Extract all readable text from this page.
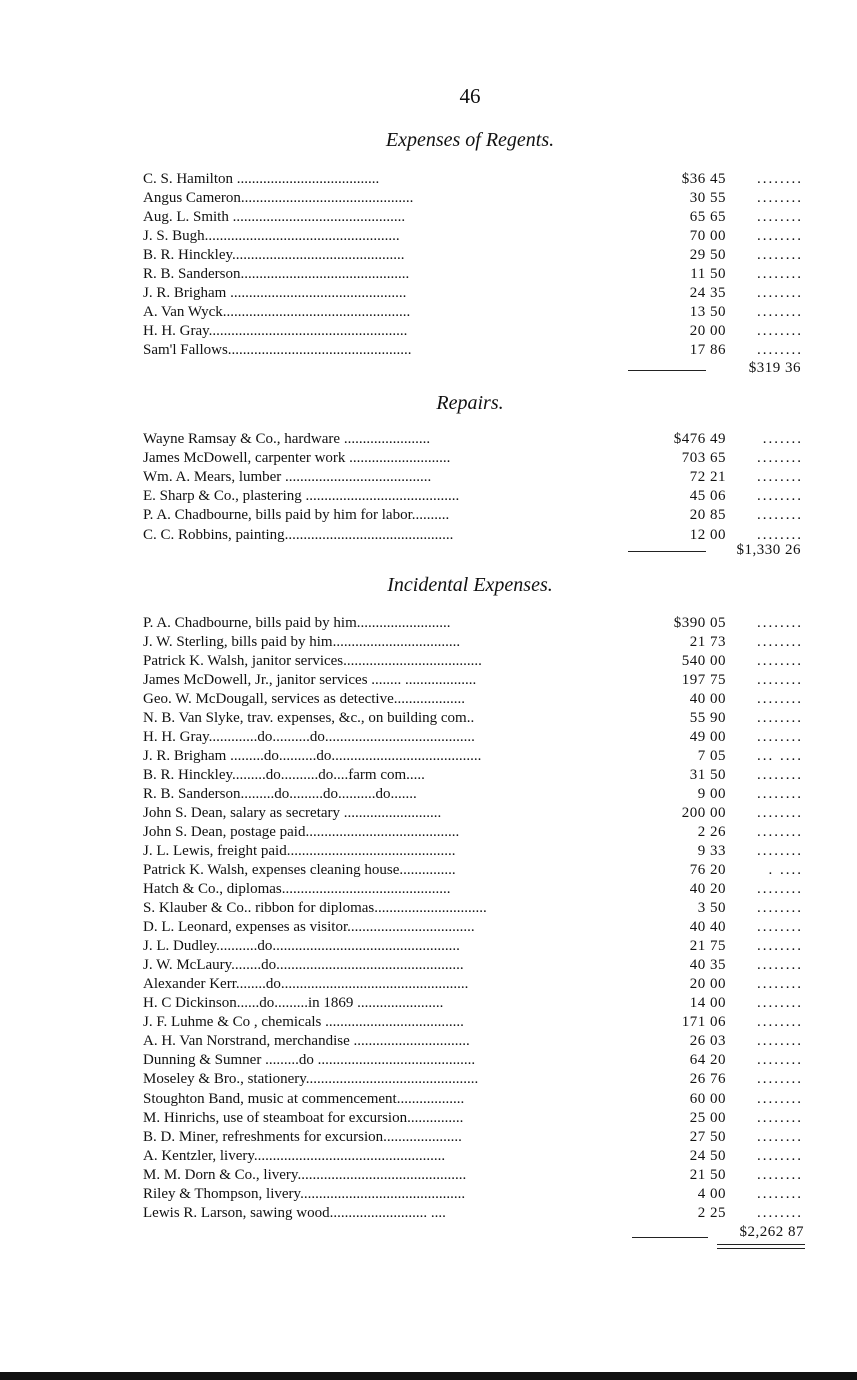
46
Expenses of Regents.
Repairs.
Incidental Expenses.
C. S. Hamilton ......................................	$36 45	........
Angus Cameron..............................................	30 55	........
Aug. L. Smith ..............................................	65 65	........
J. S. Bugh....................................................	70 00	........
B. R. Hinckley..............................................	29 50	........
R. B. Sanderson.............................................	11 50	........
J. R. Brigham ...............................................	24 35	........
A. Van Wyck..................................................	13 50	........
H. H. Gray.....................................................	20 00	........
Sam'l Fallows.................................................	17 86	........
Wayne Ramsay & Co., hardware .......................	$476 49	.......
James McDowell, carpenter work ...........................	703 65	........
Wm. A. Mears, lumber .......................................	72 21	........
E. Sharp & Co., plastering .........................................	45 06	........
P. A. Chadbourne, bills paid by him for labor..........	20 85	........
C. C. Robbins, painting.............................................	12 00	........
P. A. Chadbourne, bills paid by him.........................	$390 05	........
J. W. Sterling, bills paid by him..................................	21 73	........
Patrick K. Walsh, janitor services.....................................	540 00	........
James McDowell, Jr., janitor services ........ ...................	197 75	........
Geo. W. McDougall, services as detective...................	40 00	........
N. B. Van Slyke, trav. expenses, &c., on building com..	55 90	........
H. H. Gray.............do..........do........................................	49 00	........
J. R. Brigham .........do..........do........................................	7 05	... ....
B. R. Hinckley.........do..........do....farm com.....	31 50	........
R. B. Sanderson.........do.........do..........do.......	9 00	........
John S. Dean, salary as secretary ..........................	200 00	........
John S. Dean, postage paid.........................................	2 26	........
J. L. Lewis, freight paid.............................................	9 33	........
Patrick K. Walsh, expenses cleaning house...............	76 20	. ....
Hatch & Co., diplomas.............................................	40 20	........
S. Klauber & Co.. ribbon for diplomas..............................	3 50	........
D. L. Leonard, expenses as visitor..................................	40 40	........
J. L. Dudley...........do..................................................	21 75	........
J. W. McLaury........do..................................................	40 35	........
Alexander Kerr........do..................................................	20 00	........
H. C Dickinson......do.........in 1869 .......................	14 00	........
J. F. Luhme & Co , chemicals .....................................	171 06	........
A. H. Van Norstrand, merchandise ...............................	26 03	........
Dunning & Sumner .........do ..........................................	64 20	........
Moseley & Bro., stationery..............................................	26 76	........
Stoughton Band, music at commencement..................	60 00	........
M. Hinrichs, use of steamboat for excursion...............	25 00	........
B. D. Miner, refreshments for excursion.....................	27 50	........
A. Kentzler, livery...................................................	24 50	........
M. M. Dorn & Co., livery.............................................	21 50	........
Riley & Thompson, livery............................................	4 00	........
Lewis R. Larson, sawing wood.......................... ....	2 25	........
$319 36
$1,330 26
$2,262 87
